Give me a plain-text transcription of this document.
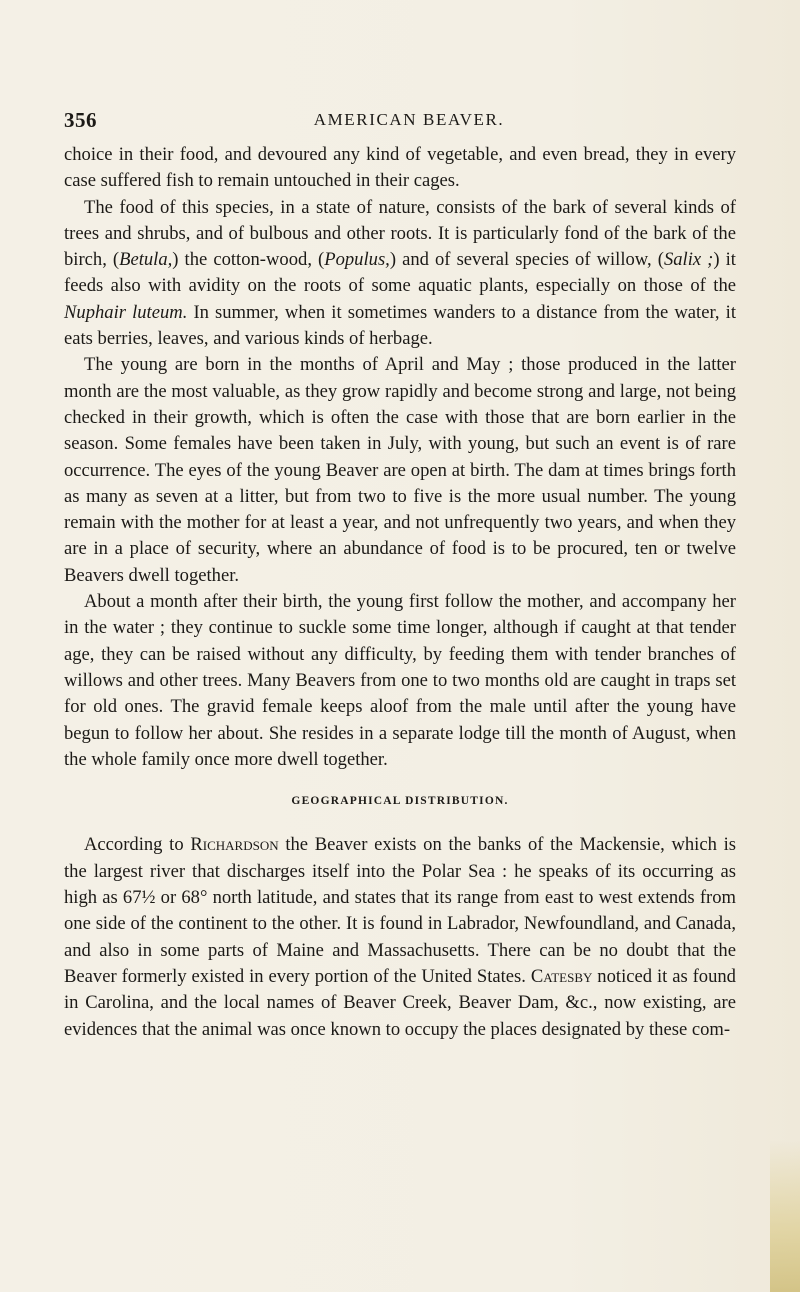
356	AMERICAN BEAVER.

choice in their food, and devoured any kind of vegetable, and even bread, they in every case suffered fish to remain untouched in their cages.

The food of this species, in a state of nature, consists of the bark of several kinds of trees and shrubs, and of bulbous and other roots. It is particularly fond of the bark of the birch, (Betula,) the cotton-wood, (Populus,) and of several species of willow, (Salix ;) it feeds also with avidity on the roots of some aquatic plants, especially on those of the Nuphair luteum. In summer, when it sometimes wanders to a distance from the water, it eats berries, leaves, and various kinds of herbage.

The young are born in the months of April and May ; those produced in the latter month are the most valuable, as they grow rapidly and become strong and large, not being checked in their growth, which is often the case with those that are born earlier in the season. Some females have been taken in July, with young, but such an event is of rare occurrence. The eyes of the young Beaver are open at birth. The dam at times brings forth as many as seven at a litter, but from two to five is the more usual number. The young remain with the mother for at least a year, and not unfrequently two years, and when they are in a place of security, where an abundance of food is to be procured, ten or twelve Beavers dwell together.

About a month after their birth, the young first follow the mother, and accompany her in the water ; they continue to suckle some time longer, although if caught at that tender age, they can be raised without any difficulty, by feeding them with tender branches of willows and other trees. Many Beavers from one to two months old are caught in traps set for old ones. The gravid female keeps aloof from the male until after the young have begun to follow her about. She resides in a separate lodge till the month of August, when the whole family once more dwell together.

GEOGRAPHICAL DISTRIBUTION.

According to Richardson the Beaver exists on the banks of the Mackensie, which is the largest river that discharges itself into the Polar Sea : he speaks of its occurring as high as 67½ or 68° north latitude, and states that its range from east to west extends from one side of the continent to the other. It is found in Labrador, Newfoundland, and Canada, and also in some parts of Maine and Massachusetts. There can be no doubt that the Beaver formerly existed in every portion of the United States. Catesby noticed it as found in Carolina, and the local names of Beaver Creek, Beaver Dam, &c., now existing, are evidences that the animal was once known to occupy the places designated by these com-
